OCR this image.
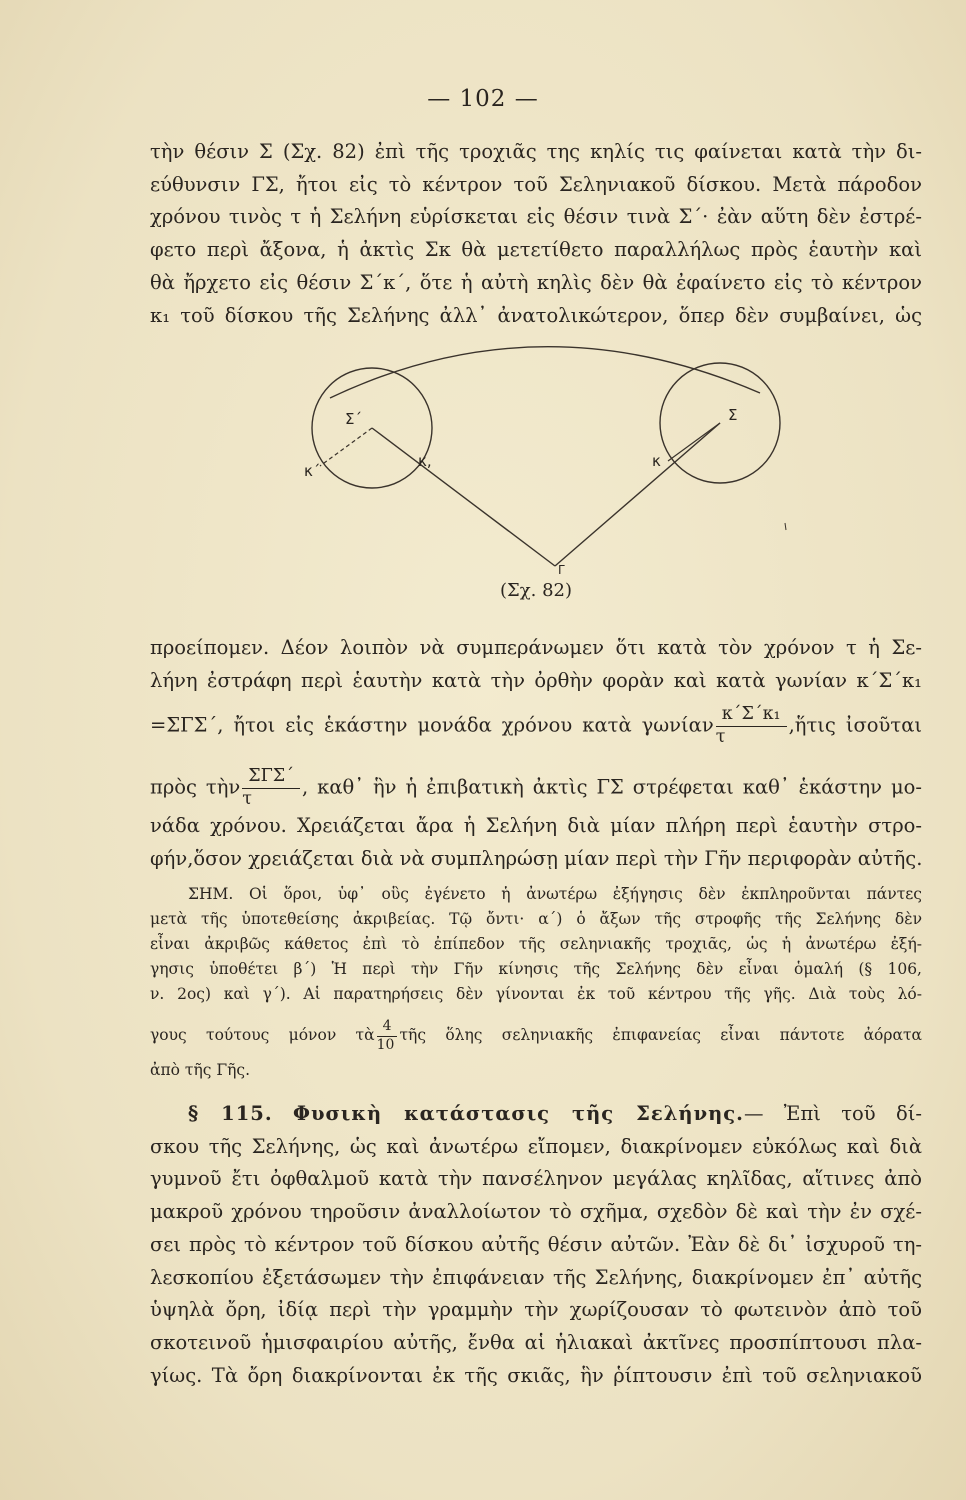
— 102 —
τὴν θέσιν Σ (Σχ. 82) ἐπὶ τῆς τροχιᾶς της κηλίς τις φαίνεται κατὰ τὴν δι-
εύθυνσιν ΓΣ, ἤτοι εἰς τὸ κέντρον τοῦ Σεληνιακοῦ δίσκου. Μετὰ πάροδον
χρόνου τινὸς τ ἡ Σελήνη εὑρίσκεται εἰς θέσιν τινὰ Σ΄· ἐὰν αὕτη δὲν ἐστρέ-
φετο περὶ ἄξονα, ἡ ἀκτὶς Σκ θὰ μετετίθετο παραλλήλως πρὸς ἑαυτὴν καὶ
θὰ ἤρχετο εἰς θέσιν Σ΄κ΄, ὅτε ἡ αὐτὴ κηλὶς δὲν θὰ ἐφαίνετο εἰς τὸ κέντρον
κ₁ τοῦ δίσκου τῆς Σελήνης ἀλλ᾽ ἀνατολικώτερον, ὅπερ δὲν συμβαίνει, ὡς
Σ΄	Σ
κ΄
κ,	κ
Γ
(Σχ. 82)
προείπομεν. Δέον λοιπὸν νὰ συμπεράνωμεν ὅτι κατὰ τὸν χρόνον τ ἡ Σε-
λήνη ἐστράφη περὶ ἑαυτὴν κατὰ τὴν ὀρθὴν φορὰν καὶ κατὰ γωνίαν κ΄Σ΄κ₁
=ΣΓΣ΄, ἤτοι εἰς ἑκάστην μονάδα χρόνου κατὰ γωνίαν $\frac{\text{κ΄Σ΄κ₁}}{\tau}$ ,ἥτις ἰσοῦται
πρὸς τὴν $\frac{\text{ΣΓΣ΄}}{\tau}$ , καθ᾽ ἣν ἡ ἐπιβατικὴ ἀκτὶς ΓΣ στρέφεται καθ᾽ ἑκάστην μο-
νάδα χρόνου. Χρειάζεται ἄρα ἡ Σελήνη διὰ μίαν πλήρη περὶ ἑαυτὴν στρο-
φήν,ὅσον χρειάζεται διὰ νὰ συμπληρώσῃ μίαν περὶ τὴν Γῆν περιφορὰν αὐτῆς.
ΣΗΜ. Οἱ ὅροι, ὑφ᾽ οὓς ἐγένετο ἡ ἀνωτέρω ἐξήγησις δὲν ἐκπληροῦνται πάντες
μετὰ τῆς ὑποτεθείσης ἀκριβείας. Τῷ ὄντι· α΄) ὁ ἄξων τῆς στροφῆς τῆς Σελήνης δὲν
εἶναι ἀκριβῶς κάθετος ἐπὶ τὸ ἐπίπεδον τῆς σεληνιακῆς τροχιᾶς, ὡς ἡ ἀνωτέρω ἐξή-
γησις ὑποθέτει β΄) Ἡ περὶ τὴν Γῆν κίνησις τῆς Σελήνης δὲν εἶναι ὁμαλή (§ 106,
ν. 2ος) καὶ γ΄). Αἱ παρατηρήσεις δὲν γίνονται ἐκ τοῦ κέντρου τῆς γῆς. Διὰ τοὺς λό-
γους τούτους μόνον τὰ $\frac{4}{10}$ τῆς ὅλης σεληνιακῆς ἐπιφανείας εἶναι πάντοτε ἀόρατα
ἀπὸ τῆς Γῆς.
§ 115. Φυσικὴ κατάστασις τῆς Σελήνης.— Ἐπὶ τοῦ δί-
σκου τῆς Σελήνης, ὡς καὶ ἀνωτέρω εἴπομεν, διακρίνομεν εὐκόλως καὶ διὰ
γυμνοῦ ἔτι ὀφθαλμοῦ κατὰ τὴν πανσέληνον μεγάλας κηλῖδας, αἵτινες ἀπὸ
μακροῦ χρόνου τηροῦσιν ἀναλλοίωτον τὸ σχῆμα, σχεδὸν δὲ καὶ τὴν ἐν σχέ-
σει πρὸς τὸ κέντρον τοῦ δίσκου αὐτῆς θέσιν αὐτῶν. Ἐὰν δὲ δι᾽ ἰσχυροῦ τη-
λεσκοπίου ἐξετάσωμεν τὴν ἐπιφάνειαν τῆς Σελήνης, διακρίνομεν ἐπ᾽ αὐτῆς
ὑψηλὰ ὄρη, ἰδίᾳ περὶ τὴν γραμμὴν τὴν χωρίζουσαν τὸ φωτεινὸν ἀπὸ τοῦ
σκοτεινοῦ ἡμισφαιρίου αὐτῆς, ἔνθα αἱ ἡλιακαὶ ἀκτῖνες προσπίπτουσι πλα-
γίως. Τὰ ὄρη διακρίνονται ἐκ τῆς σκιᾶς, ἣν ῥίπτουσιν ἐπὶ τοῦ σεληνιακοῦ
